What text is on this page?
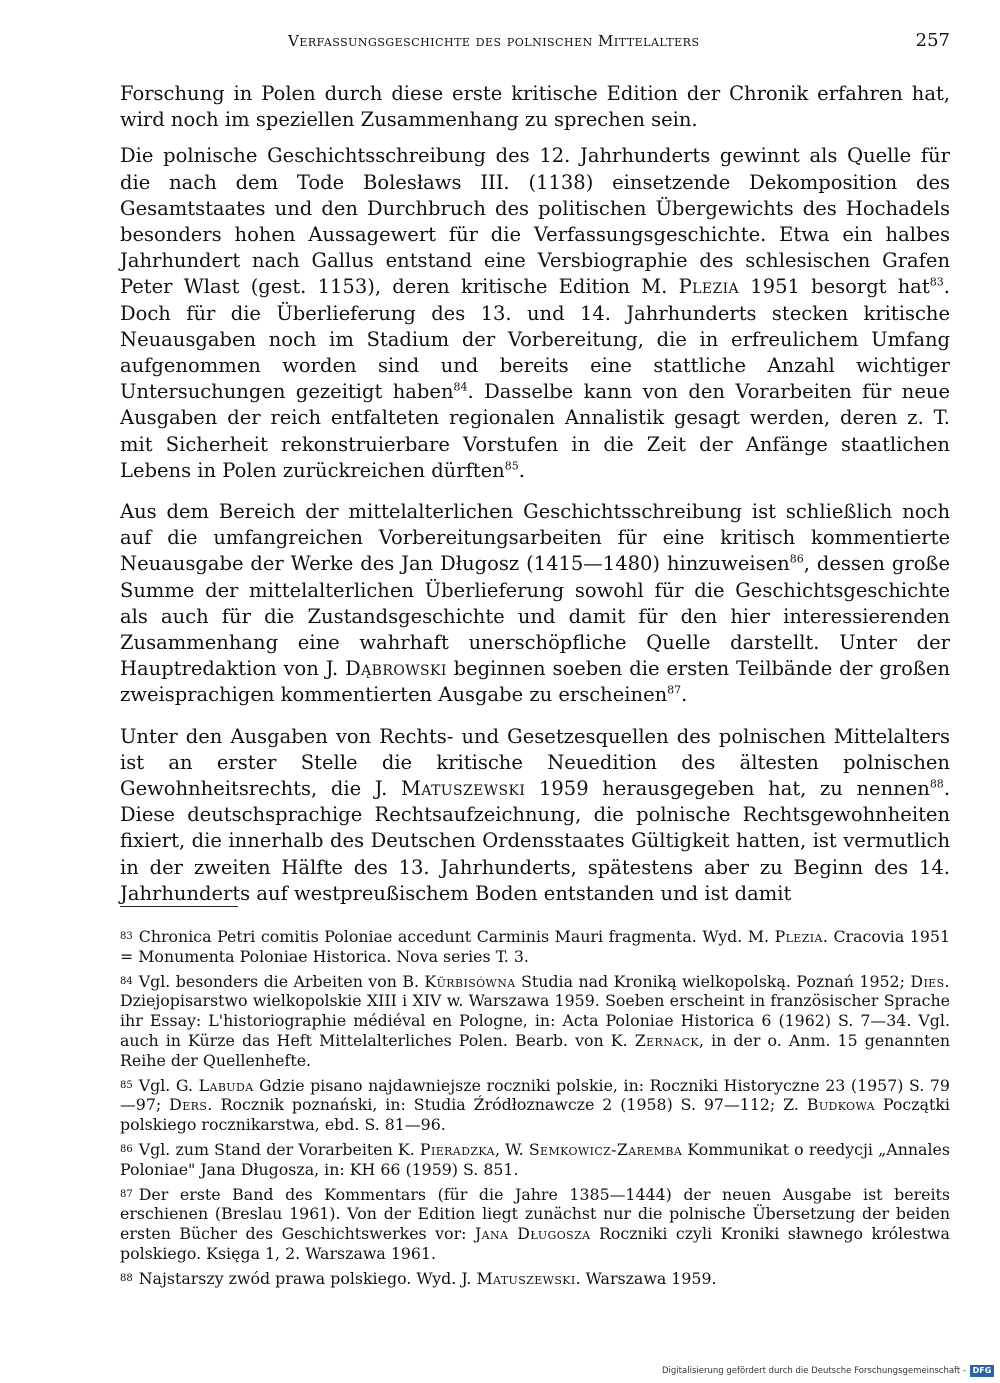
Verfassungsgeschichte des polnischen Mittelalters	257

Forschung in Polen durch diese erste kritische Edition der Chronik erfahren hat, wird noch im speziellen Zusammenhang zu sprechen sein.

Die polnische Geschichtsschreibung des 12. Jahrhunderts gewinnt als Quelle für die nach dem Tode Bolesławs III. (1138) einsetzende Dekomposition des Gesamtstaates und den Durchbruch des politischen Übergewichts des Hochadels besonders hohen Aussagewert für die Verfassungsgeschichte. Etwa ein halbes Jahrhundert nach Gallus entstand eine Versbiographie des schlesischen Grafen Peter Wlast (gest. 1153), deren kritische Edition M. Plezia 1951 besorgt hat$^{83}$. Doch für die Überlieferung des 13. und 14. Jahrhunderts stecken kritische Neuausgaben noch im Stadium der Vorbereitung, die in erfreulichem Umfang aufgenommen worden sind und bereits eine stattliche Anzahl wichtiger Untersuchungen gezeitigt haben$^{84}$. Dasselbe kann von den Vorarbeiten für neue Ausgaben der reich entfalteten regionalen Annalistik gesagt werden, deren z. T. mit Sicherheit rekonstruierbare Vorstufen in die Zeit der Anfänge staatlichen Lebens in Polen zurückreichen dürften$^{85}$.

Aus dem Bereich der mittelalterlichen Geschichtsschreibung ist schließlich noch auf die umfangreichen Vorbereitungsarbeiten für eine kritisch kommentierte Neuausgabe der Werke des Jan Długosz (1415—1480) hinzuweisen$^{86}$, dessen große Summe der mittelalterlichen Überlieferung sowohl für die Geschichtsgeschichte als auch für die Zustandsgeschichte und damit für den hier interessierenden Zusammenhang eine wahrhaft unerschöpfliche Quelle darstellt. Unter der Hauptredaktion von J. Dąbrowski beginnen soeben die ersten Teilbände der großen zweisprachigen kommentierten Ausgabe zu erscheinen$^{87}$.

Unter den Ausgaben von Rechts- und Gesetzesquellen des polnischen Mittelalters ist an erster Stelle die kritische Neuedition des ältesten polnischen Gewohnheitsrechts, die J. Matuszewski 1959 herausgegeben hat, zu nennen$^{88}$. Diese deutschsprachige Rechtsaufzeichnung, die polnische Rechtsgewohnheiten fixiert, die innerhalb des Deutschen Ordensstaates Gültigkeit hatten, ist vermutlich in der zweiten Hälfte des 13. Jahrhunderts, spätestens aber zu Beginn des 14. Jahrhunderts auf westpreußischem Boden entstanden und ist damit

83 Chronica Petri comitis Poloniae accedunt Carminis Mauri fragmenta. Wyd. M. Plezia. Cracovia 1951 = Monumenta Poloniae Historica. Nova series T. 3.

84 Vgl. besonders die Arbeiten von B. Kürbisówna Studia nad Kroniką wielkopolską. Poznań 1952; Dies. Dziejopisarstwo wielkopolskie XIII i XIV w. Warszawa 1959. Soeben erscheint in französischer Sprache ihr Essay: L'historiographie médiéval en Pologne, in: Acta Poloniae Historica 6 (1962) S. 7—34. Vgl. auch in Kürze das Heft Mittelalterliches Polen. Bearb. von K. Zernack, in der o. Anm. 15 genannten Reihe der Quellenhefte.

85 Vgl. G. Labuda Gdzie pisano najdawniejsze roczniki polskie, in: Roczniki Historyczne 23 (1957) S. 79—97; Ders. Rocznik poznański, in: Studia Źródłoznawcze 2 (1958) S. 97—112; Z. Budkowa Początki polskiego rocznikarstwa, ebd. S. 81—96.

86 Vgl. zum Stand der Vorarbeiten K. Pieradzka, W. Semkowicz-Zaremba Kommunikat o reedycji „Annales Poloniae" Jana Długosza, in: KH 66 (1959) S. 851.

87 Der erste Band des Kommentars (für die Jahre 1385—1444) der neuen Ausgabe ist bereits erschienen (Breslau 1961). Von der Edition liegt zunächst nur die polnische Übersetzung der beiden ersten Bücher des Geschichtswerkes vor: Jana Długosza Roczniki czyli Kroniki sławnego królestwa polskiego. Księga 1, 2. Warszawa 1961.

88 Najstarszy zwód prawa polskiego. Wyd. J. Matuszewski. Warszawa 1959.

Digitalisierung gefördert durch die Deutsche Forschungsgemeinschaft - DFG
